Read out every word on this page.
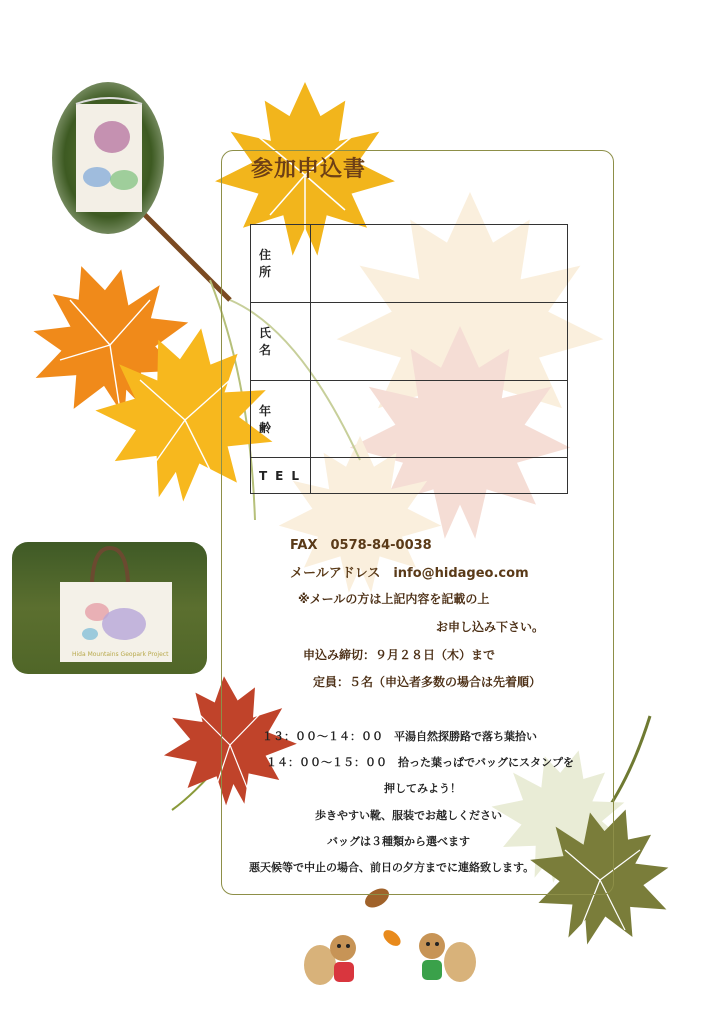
Hida Mountains Geopark Project
参加申込書
住 所	
氏 名	
年 齢	
TEL	
FAX　0578-84-0038
メールアドレス　info@hidageo.com
※メールの方は上記内容を記載の上
お申し込み下さい。
申込み締切：９月２８日（木）まで
定員：５名（申込者多数の場合は先着順）
１３：００〜１４：００　平湯自然探勝路で落ち葉拾い
１４：００〜１５：００　拾った葉っぱでバッグにスタンプを
押してみよう！
歩きやすい靴、服装でお越しください
バッグは３種類から選べます
悪天候等で中止の場合、前日の夕方までに連絡致します。
